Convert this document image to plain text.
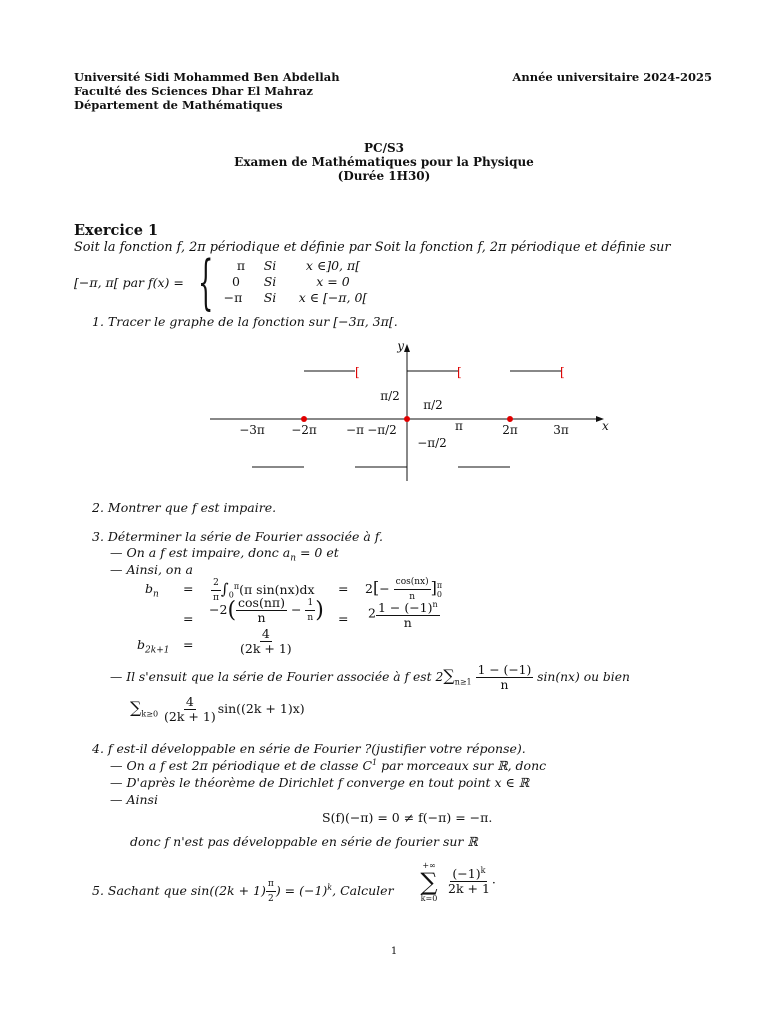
Université Sidi Mohammed Ben Abdellah
Faculté des Sciences Dhar El Mahraz
Département de Mathématiques
Année universitaire 2024-2025
PC/S3
Examen de Mathématiques pour la Physique
(Durée 1H30)
Exercice 1
Soit la fonction f, 2π périodique et définie par Soit la fonction f, 2π périodique et définie sur
[−π, π[ par f(x) = {	π	Si	x ∈]0, π[
0	Si	x = 0
−π	Si	x ∈ [−π, 0[
1. Tracer le graphe de la fonction sur [−3π, 3π[.
y
x
[	[	[
−3π −2π −π −π/2	π	2π	3π
π/2
π/2
−π/2
2. Montrer que f est impaire.
3. Déterminer la série de Fourier associée à f.
— On a f est impaire, donc $a_n = 0$ et
— Ainsi, on a
$b_n = \frac{2}{\pi} \int_0^\pi(\pi$ $\sin(nx)dx = 2[- \frac{\cos(nx)}{n}$ ] π
0
=
$-2( \frac{\cos(n\pi)}{n} - \frac{1}{n}$ ) = $2 \frac{1 - (-1)^n}{n}$
$b_{2k+1}$ =	$\frac{4}{(2k + 1)}$
— Il s'ensuit que la série de Fourier associée à f est $2\sum_{n\ge 1} \frac{1 - (-1)}{n} \sin(nx)$ ou bien
$\sum_{k\ge 0} \frac{4}{(2k + 1)} \sin((2k + 1)x)$
4. f est-il développable en série de Fourier ?(justifier votre réponse).
— On a f est 2π périodique et de classe $C^1$ par morceaux sur ℝ, donc
— D'après le théorème de Dirichlet f converge en tout point x ∈ ℝ
— Ainsi
S(f)(−π) = 0 ≠ f(−π) = −π.
donc f n'est pas développable en série de fourier sur ℝ
5. Sachant que $\sin((2k + 1) \frac{\pi}{2}$ ) = $(-1)^k$, Calculer
+∞
∑
k=0
$\frac{(-1)^k}{2k + 1}$ .
1
